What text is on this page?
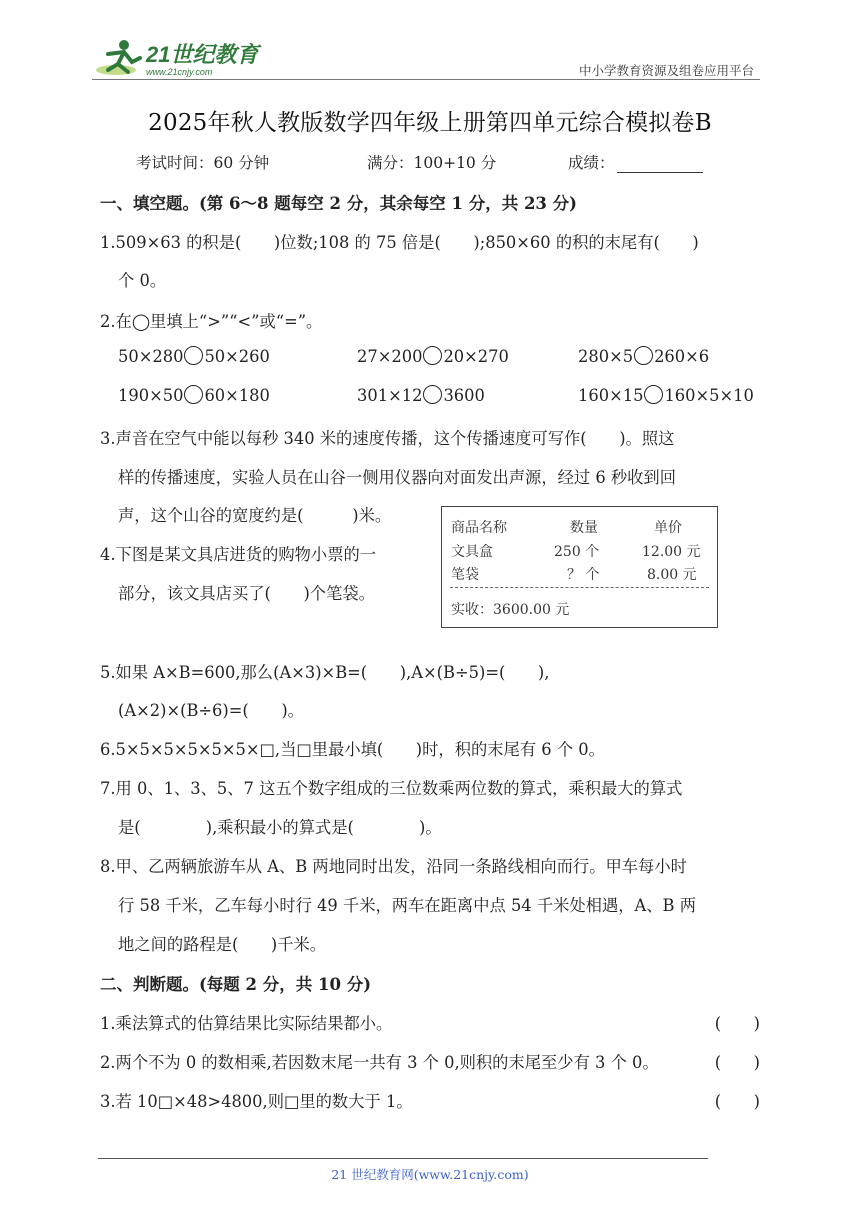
21世纪教育
www.21cnjy.com	中小学教育资源及组卷应用平台
2025年秋人教版数学四年级上册第四单元综合模拟卷B
考试时间：60 分钟	满分：100+10 分	成绩：
一、填空题。(第 6～8 题每空 2 分，其余每空 1 分，共 23 分)
1.509×63 的积是(　　)位数;108 的 75 倍是(　　);850×60 的积的末尾有(　　)
个 0。
2.在◯里填上“>”“<”或“=”。
50×280 50×260	27×200 20×270	280×5 260×6
190×50 60×180	301×12 3600	160×15 160×5×10
3.声音在空气中能以每秒 340 米的速度传播，这个传播速度可写作(　　)。照这
样的传播速度，实验人员在山谷一侧用仪器向对面发出声源，经过 6 秒收到回
声，这个山谷的宽度约是(　　　)米。
4.下图是某文具店进货的购物小票的一
部分，该文具店买了(　　)个笔袋。
商品名称	数量	单价
文具盒	250 个	12.00 元
笔袋	？ 个	8.00 元
实收：3600.00 元
5.如果 A×B=600,那么(A×3)×B=(　　),A×(B÷5)=(　　),
(A×2)×(B÷6)=(　　)。
6.5×5×5×5×5×5×□,当□里最小填(　　)时，积的末尾有 6 个 0。
7.用 0、1、3、5、7 这五个数字组成的三位数乘两位数的算式，乘积最大的算式
是(　　　　),乘积最小的算式是(　　　　)。
8.甲、乙两辆旅游车从 A、B 两地同时出发，沿同一条路线相向而行。甲车每小时
行 58 千米，乙车每小时行 49 千米，两车在距离中点 54 千米处相遇，A、B 两
地之间的路程是(　　)千米。
二、判断题。(每题 2 分，共 10 分)
1.乘法算式的估算结果比实际结果都小。	(　　)
2.两个不为 0 的数相乘,若因数末尾一共有 3 个 0,则积的末尾至少有 3 个 0。	(　　)
3.若 10□×48>4800,则□里的数大于 1。	(　　)
21 世纪教育网(www.21cnjy.com)
